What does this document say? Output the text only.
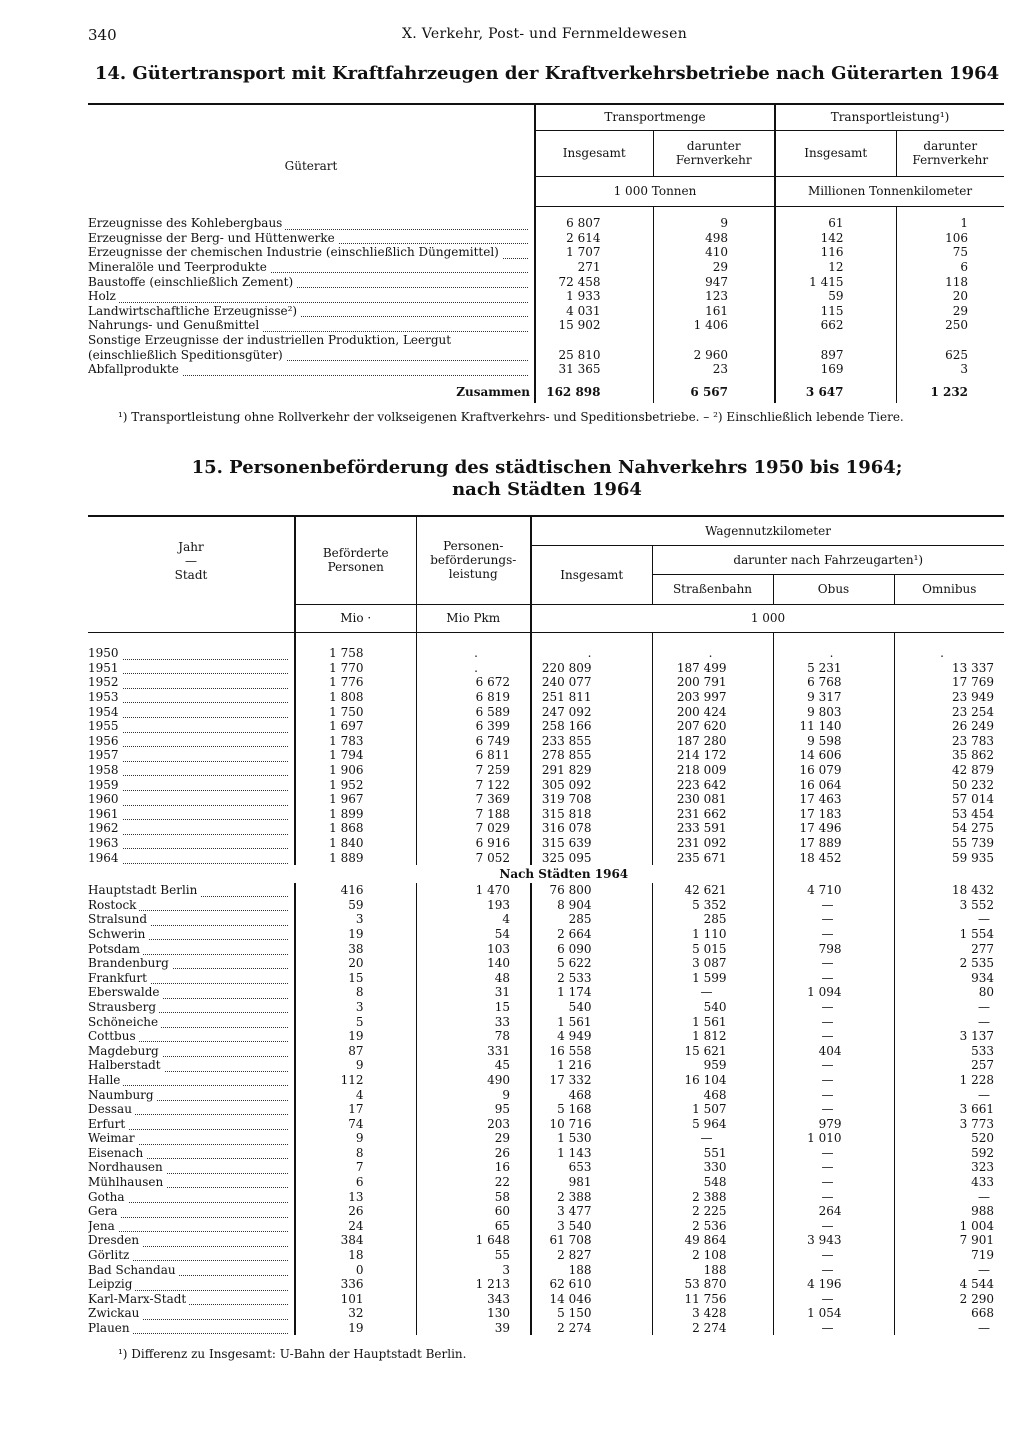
340	X. Verkehr, Post- und Fernmeldewesen
14. Gütertransport mit Kraftfahrzeugen der Kraftverkehrsbetriebe nach Güterarten 1964
Güterart	Transportmenge		Transportleistung¹)	
	Insgesamt	darunter Fernverkehr	Insgesamt	darunter Fernverkehr
	1 000 Tonnen		Millionen Tonnenkilometer	

Erzeugnisse des Kohlebergbaus	6 807	9	61	1

Erzeugnisse der Berg- und Hüttenwerke	2 614	498	142	106

Erzeugnisse der chemischen Industrie (einschließlich Düngemittel)	1 707	410	116	75

Mineralöle und Teerprodukte	271	29	12	6

Baustoffe (einschließlich Zement)	72 458	947	1 415	118

Holz	1 933	123	59	20

Landwirtschaftliche Erzeugnisse²)	4 031	161	115	29

Nahrungs- und Genußmittel	15 902	1 406	662	250
Sonstige Erzeugnisse der industriellen Produktion, Leergut				

(einschließlich Speditionsgüter)	25 810	2 960	897	625

Abfallprodukte	31 365	23	169	3
Zusammen	162 898	6 567	3 647	1 232

¹) Transportleistung ohne Rollverkehr der volkseigenen Kraftverkehrs- und Speditionsbetriebe. – ²) Einschließlich lebende Tiere.
15. Personenbeförderung des städtischen Nahverkehrs 1950 bis 1964;
nach Städten 1964
Jahr
—
Stadt	Beförderte Personen	Personen- beförderungs- leistung	Wagennutzkilometer			
			Insgesamt	darunter nach Fahrzeugarten¹)		
				Straßenbahn	Obus	Omnibus
	Mio ·	Mio Pkm	1 000			

1950	1 758	.	.	.	.	.

1951	1 770	.	220 809	187 499	5 231	13 337

1952	1 776	6 672	240 077	200 791	6 768	17 769

1953	1 808	6 819	251 811	203 997	9 317	23 949

1954	1 750	6 589	247 092	200 424	9 803	23 254

1955	1 697	6 399	258 166	207 620	11 140	26 249

1956	1 783	6 749	233 855	187 280	9 598	23 783

1957	1 794	6 811	278 855	214 172	14 606	35 862

1958	1 906	7 259	291 829	218 009	16 079	42 879

1959	1 952	7 122	305 092	223 642	16 064	50 232

1960	1 967	7 369	319 708	230 081	17 463	57 014

1961	1 899	7 188	315 818	231 662	17 183	53 454

1962	1 868	7 029	316 078	233 591	17 496	54 275

1963	1 840	6 916	315 639	231 092	17 889	55 739

1964	1 889	7 052	325 095	235 671	18 452	59 935
	Nach Städten 1964					

Hauptstadt Berlin	416	1 470	76 800	42 621	4 710	18 432

Rostock	59	193	8 904	5 352	—	3 552

Stralsund	3	4	285	285	—	—

Schwerin	19	54	2 664	1 110	—	1 554

Potsdam	38	103	6 090	5 015	798	277

Brandenburg	20	140	5 622	3 087	—	2 535

Frankfurt	15	48	2 533	1 599	—	934

Eberswalde	8	31	1 174	—	1 094	80

Strausberg	3	15	540	540	—	—

Schöneiche	5	33	1 561	1 561	—	—

Cottbus	19	78	4 949	1 812	—	3 137

Magdeburg	87	331	16 558	15 621	404	533

Halberstadt	9	45	1 216	959	—	257

Halle	112	490	17 332	16 104	—	1 228

Naumburg	4	9	468	468	—	—

Dessau	17	95	5 168	1 507	—	3 661

Erfurt	74	203	10 716	5 964	979	3 773

Weimar	9	29	1 530	—	1 010	520

Eisenach	8	26	1 143	551	—	592

Nordhausen	7	16	653	330	—	323

Mühlhausen	6	22	981	548	—	433

Gotha	13	58	2 388	2 388	—	—

Gera	26	60	3 477	2 225	264	988

Jena	24	65	3 540	2 536	—	1 004

Dresden	384	1 648	61 708	49 864	3 943	7 901

Görlitz	18	55	2 827	2 108	—	719

Bad Schandau	0	3	188	188	—	—

Leipzig	336	1 213	62 610	53 870	4 196	4 544

Karl-Marx-Stadt	101	343	14 046	11 756	—	2 290

Zwickau	32	130	5 150	3 428	1 054	668

Plauen	19	39	2 274	2 274	—	—
¹) Differenz zu Insgesamt: U-Bahn der Hauptstadt Berlin.
